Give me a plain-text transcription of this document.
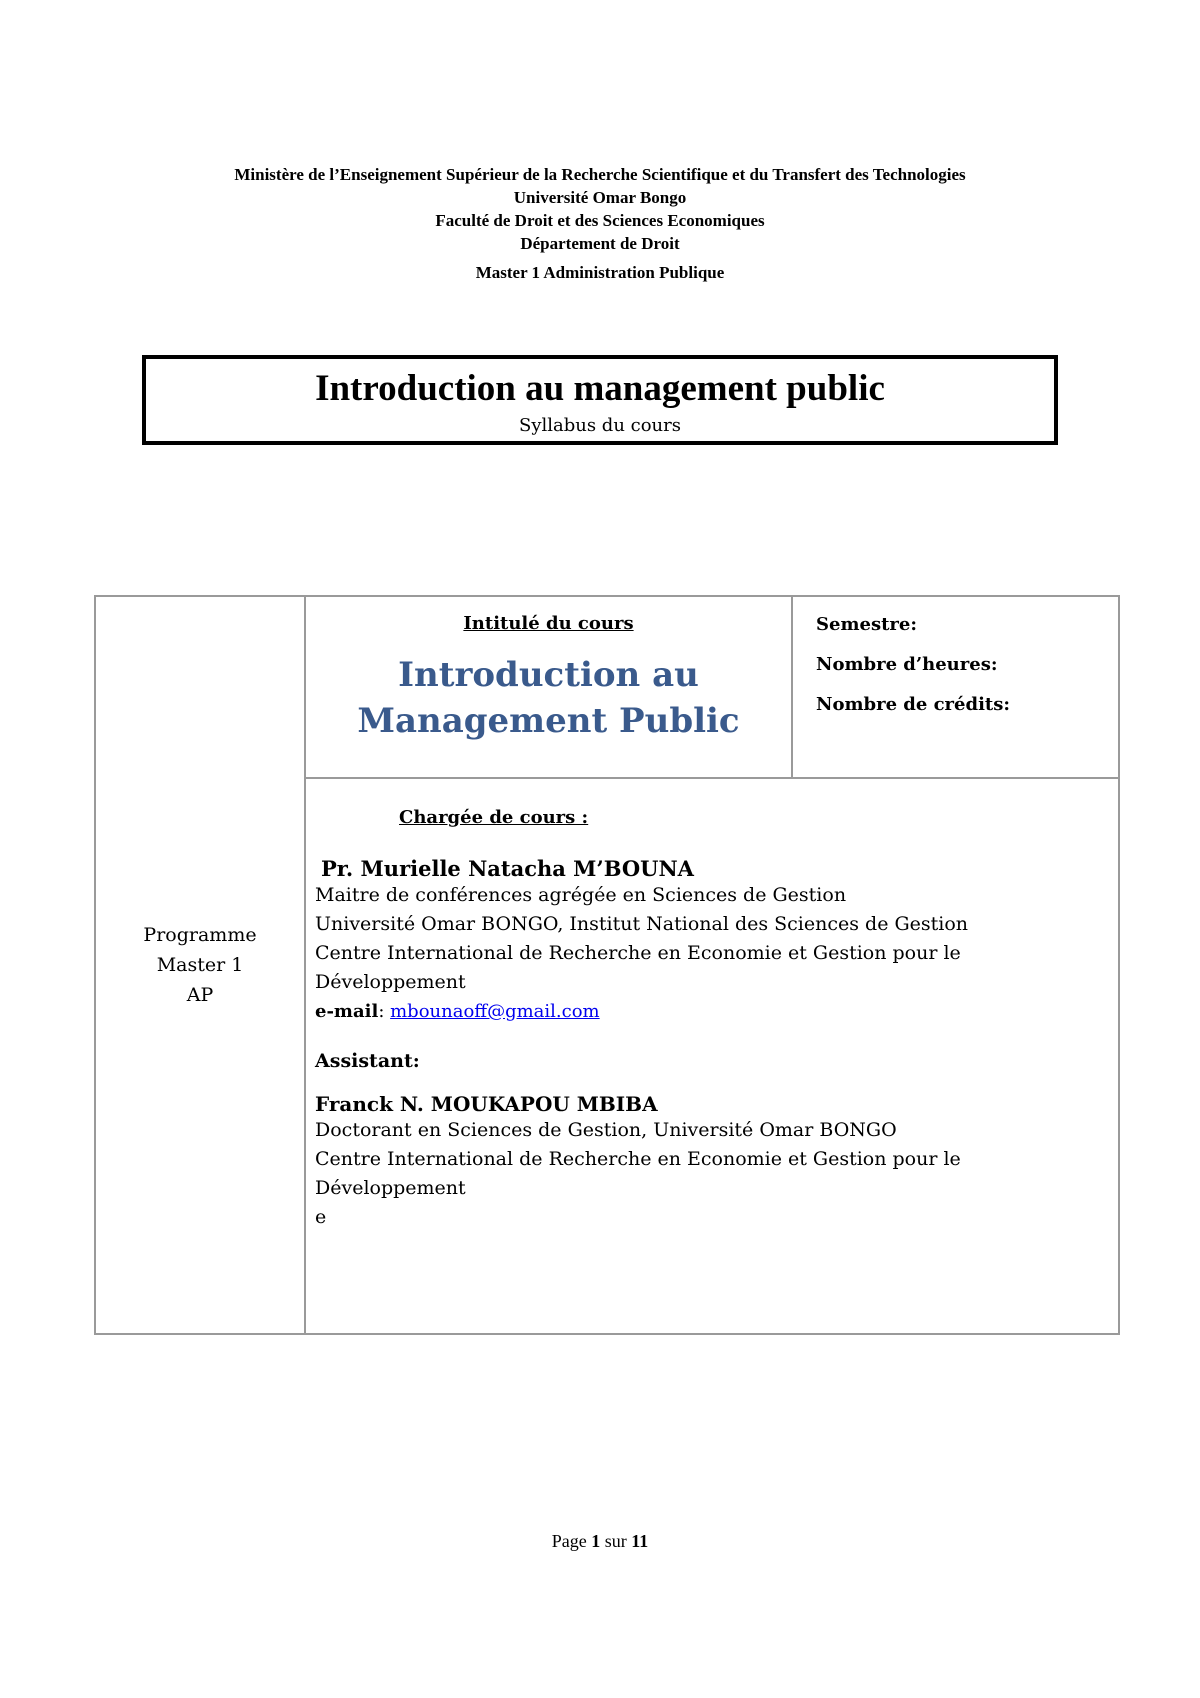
Ministère de l’Enseignement Supérieur de la Recherche Scientifique et du Transfert des Technologies
Université Omar Bongo
Faculté de Droit et des Sciences Economiques
Département de Droit
Master 1 Administration Publique
Introduction au management public
Syllabus du cours
Programme
Master 1
AP

Intitulé du cours
Introduction au
Management Public

Semestre:
Nombre d’heures:
Nombre de crédits:

Chargée de cours :
Pr. Murielle Natacha M’BOUNA
Maitre de conférences agrégée en Sciences de Gestion
Université Omar BONGO, Institut National des Sciences de Gestion
Centre International de Recherche en Economie et Gestion pour le
Développement
e-mail: mbounaoff@gmail.com
Assistant:
Franck N. MOUKAPOU MBIBA
Doctorant en Sciences de Gestion, Université Omar BONGO
Centre International de Recherche en Economie et Gestion pour le
Développement
e
Page 1 sur 11
